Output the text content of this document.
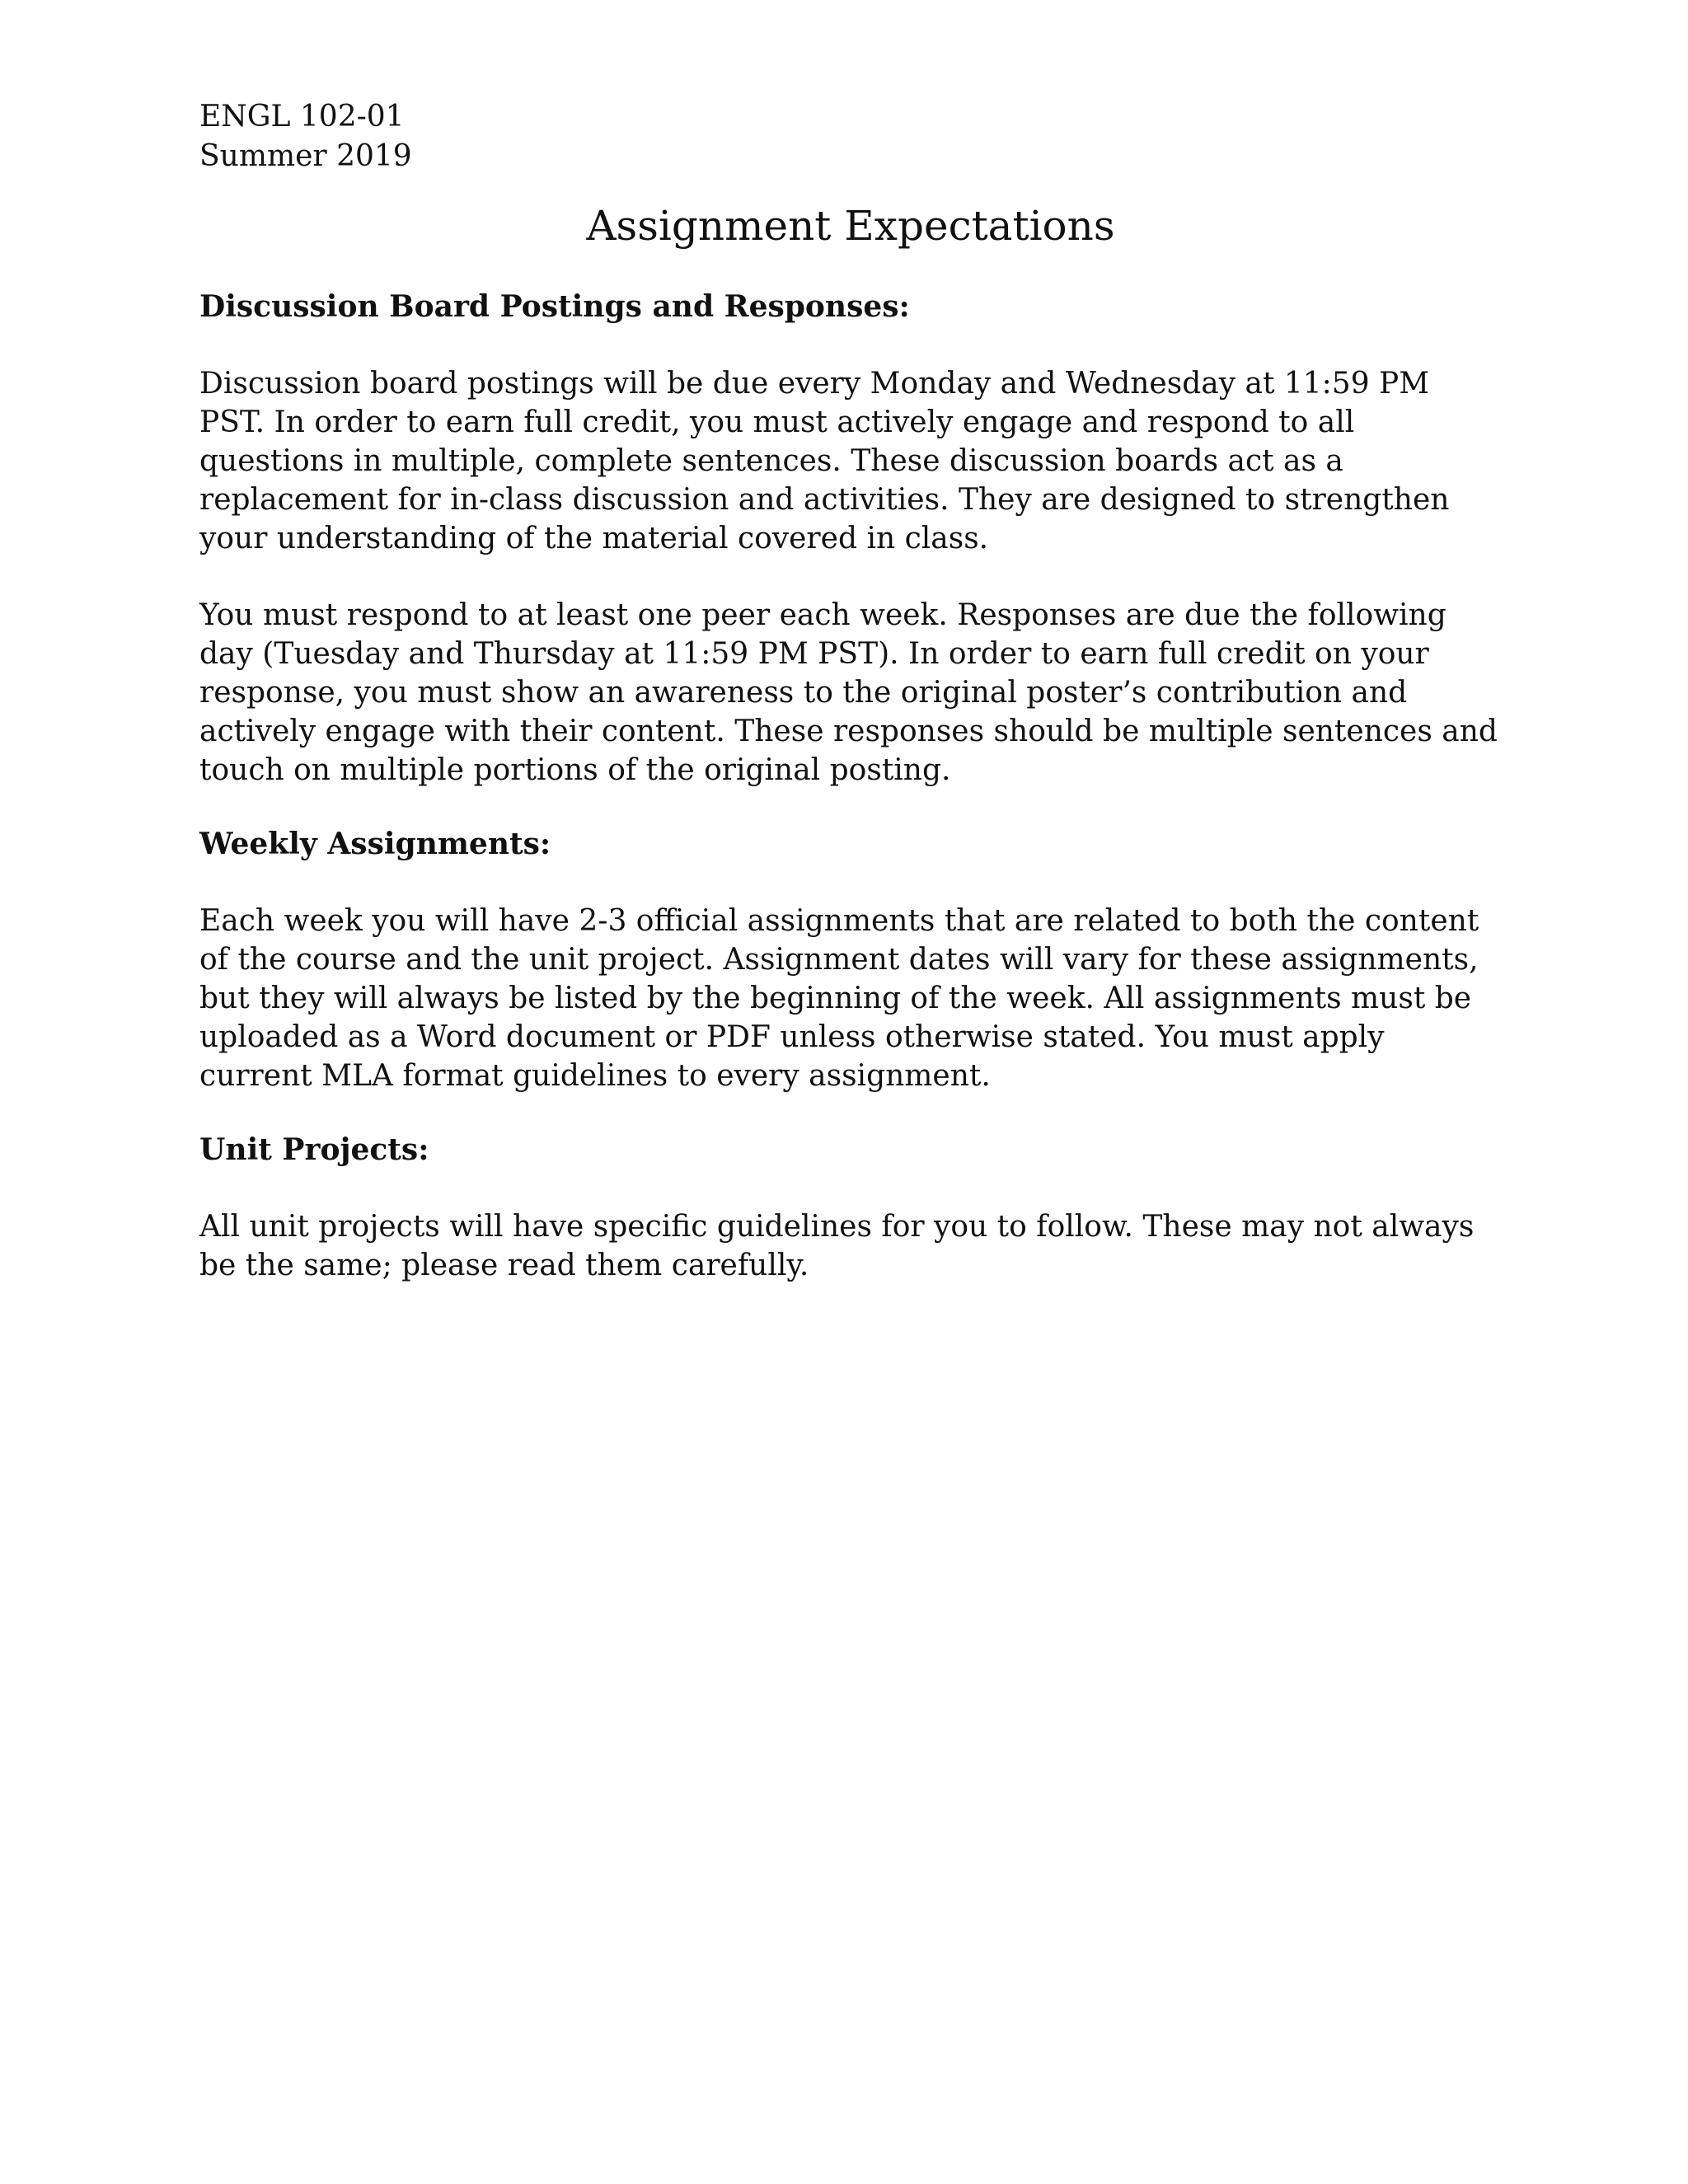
ENGL 102-01

Summer 2019

Assignment Expectations
Discussion Board Postings and Responses:

Discussion board postings will be due every Monday and Wednesday at 11:59 PM PST. In order to earn full credit, you must actively engage and respond to all questions in multiple, complete sentences. These discussion boards act as a replacement for in-class discussion and activities. They are designed to strengthen your understanding of the material covered in class.

You must respond to at least one peer each week. Responses are due the following day (Tuesday and Thursday at 11:59 PM PST). In order to earn full credit on your response, you must show an awareness to the original poster’s contribution and actively engage with their content. These responses should be multiple sentences and touch on multiple portions of the original posting.

Weekly Assignments:

Each week you will have 2-3 official assignments that are related to both the content of the course and the unit project. Assignment dates will vary for these assignments, but they will always be listed by the beginning of the week. All assignments must be uploaded as a Word document or PDF unless otherwise stated. You must apply current MLA format guidelines to every assignment.

Unit Projects:

All unit projects will have specific guidelines for you to follow. These may not always be the same; please read them carefully.
